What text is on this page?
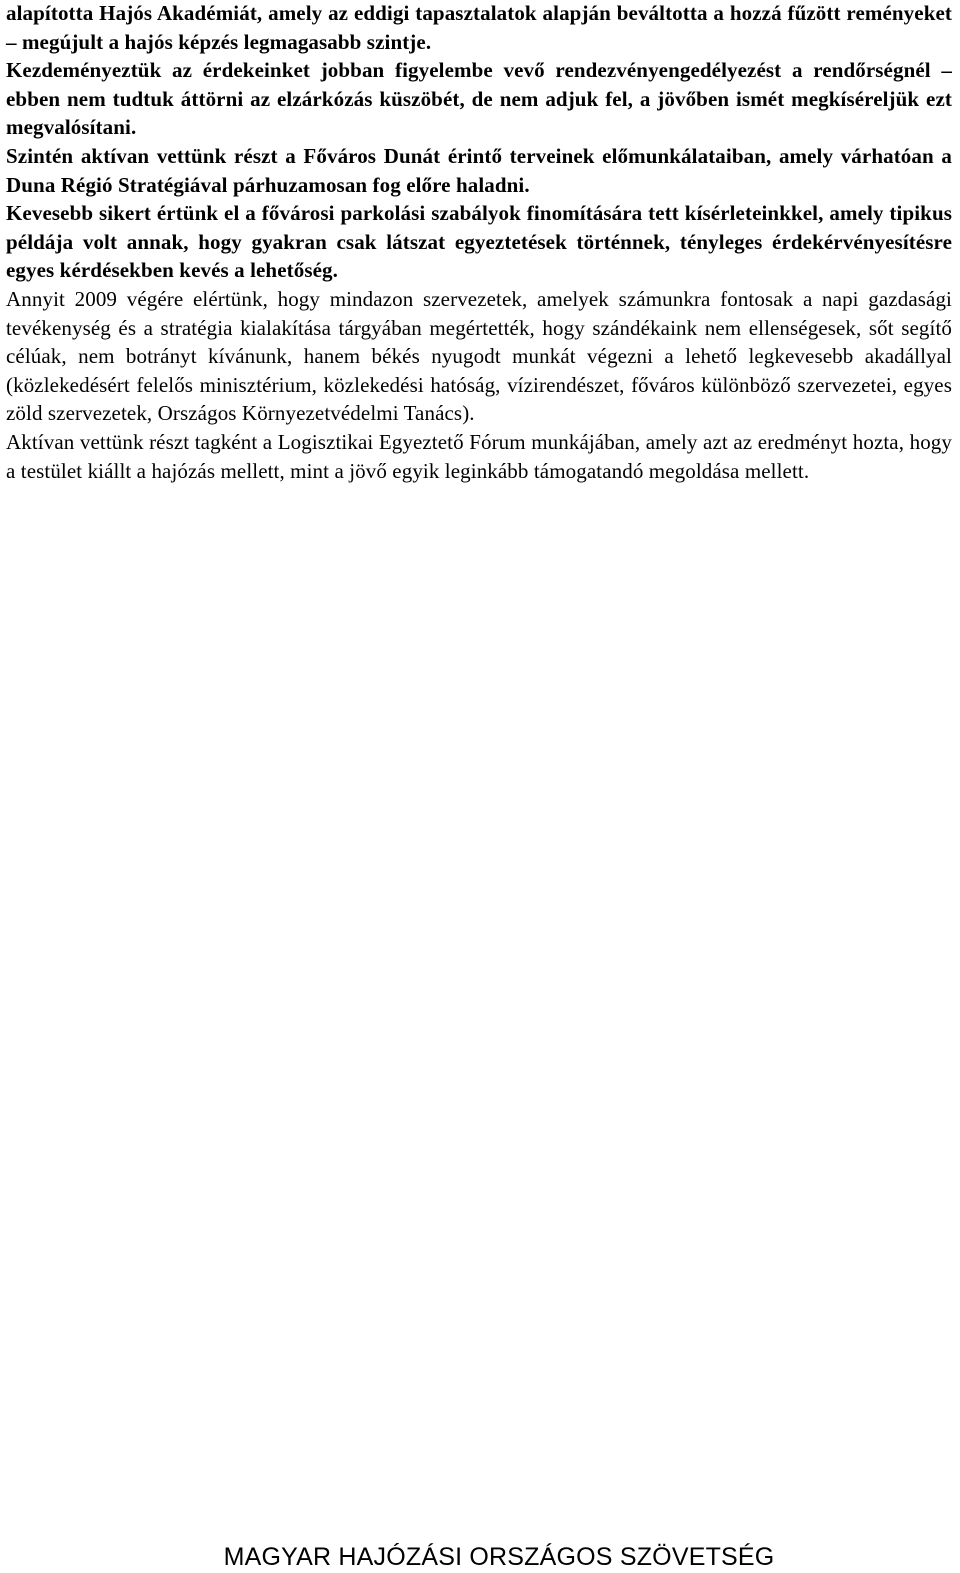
alapította Hajós Akadémiát, amely az eddigi tapasztalatok alapján beváltotta a hozzá fűzött reményeket – megújult a hajós képzés legmagasabb szintje.

Kezdeményeztük az érdekeinket jobban figyelembe vevő rendezvényengedélyezést a rendőrségnél – ebben nem tudtuk áttörni az elzárkózás küszöbét, de nem adjuk fel, a jövőben ismét megkíséreljük ezt megvalósítani.

Szintén aktívan vettünk részt a Főváros Dunát érintő terveinek előmunkálataiban, amely várhatóan a Duna Régió Stratégiával párhuzamosan fog előre haladni.

Kevesebb sikert értünk el a fővárosi parkolási szabályok finomítására tett kísérleteinkkel, amely tipikus példája volt annak, hogy gyakran csak látszat egyeztetések történnek, tényleges érdekérvényesítésre egyes kérdésekben kevés a lehetőség.

Annyit 2009 végére elértünk, hogy mindazon szervezetek, amelyek számunkra fontosak a napi gazdasági tevékenység és a stratégia kialakítása tárgyában megértették, hogy szándékaink nem ellenségesek, sőt segítő célúak, nem botrányt kívánunk, hanem békés nyugodt munkát végezni a lehető legkevesebb akadállyal (közlekedésért felelős minisztérium, közlekedési hatóság, vízirendészet, főváros különböző szervezetei, egyes zöld szervezetek, Országos Környezetvédelmi Tanács).

Aktívan vettünk részt tagként a Logisztikai Egyeztető Fórum munkájában, amely azt az eredményt hozta, hogy a testület kiállt a hajózás mellett, mint a jövő egyik leginkább támogatandó megoldása mellett.

MAGYAR HAJÓZÁSI ORSZÁGOS SZÖVETSÉG
